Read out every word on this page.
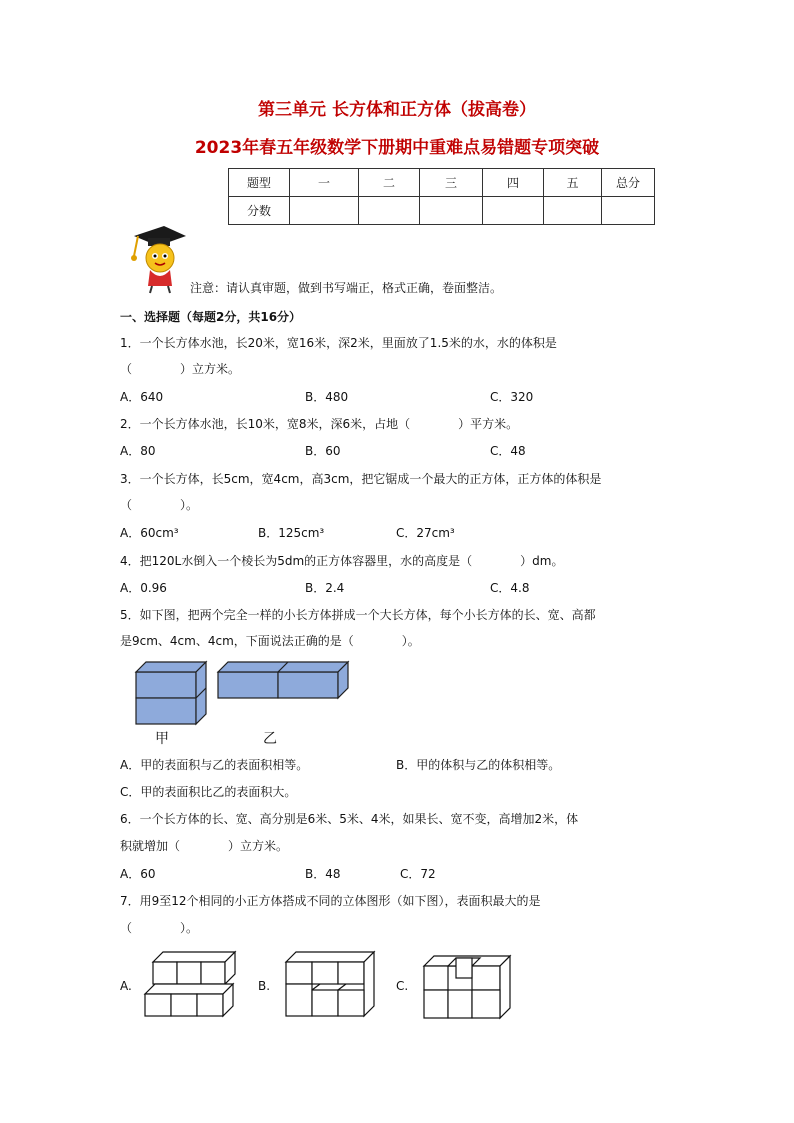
第三单元 长方体和正方体（拔高卷）
2023年春五年级数学下册期中重难点易错题专项突破
题型	一	二	三	四	五	总分
分数						
注意：请认真审题，做到书写端正，格式正确，卷面整洁。
一、选择题（每题2分，共16分）
1．一个长方体水池，长20米，宽16米，深2米，里面放了1.5米的水，水的体积是
（　　　　）立方米。
A．640	B．480	C．320
2．一个长方体水池，长10米，宽8米，深6米，占地（　　　　）平方米。
A．80	B．60	C．48
3．一个长方体，长5cm，宽4cm，高3cm，把它锯成一个最大的正方体，正方体的体积是
（　　　　）。
A．60cm³	B．125cm³	C．27cm³
4．把120L水倒入一个棱长为5dm的正方体容器里，水的高度是（　　　　）dm。
A．0.96	B．2.4	C．4.8
5．如下图，把两个完全一样的小长方体拼成一个大长方体，每个小长方体的长、宽、高都
是9cm、4cm、4cm，下面说法正确的是（　　　　）。
甲	乙
A．甲的表面积与乙的表面积相等。	B．甲的体积与乙的体积相等。
C．甲的表面积比乙的表面积大。
6．一个长方体的长、宽、高分别是6米、5米、4米，如果长、宽不变，高增加2米，体
积就增加（　　　　）立方米。
A．60	B．48	C．72
7．用9至12个相同的小正方体搭成不同的立体图形（如下图），表面积最大的是
（　　　　）。
A.	B.	C.
